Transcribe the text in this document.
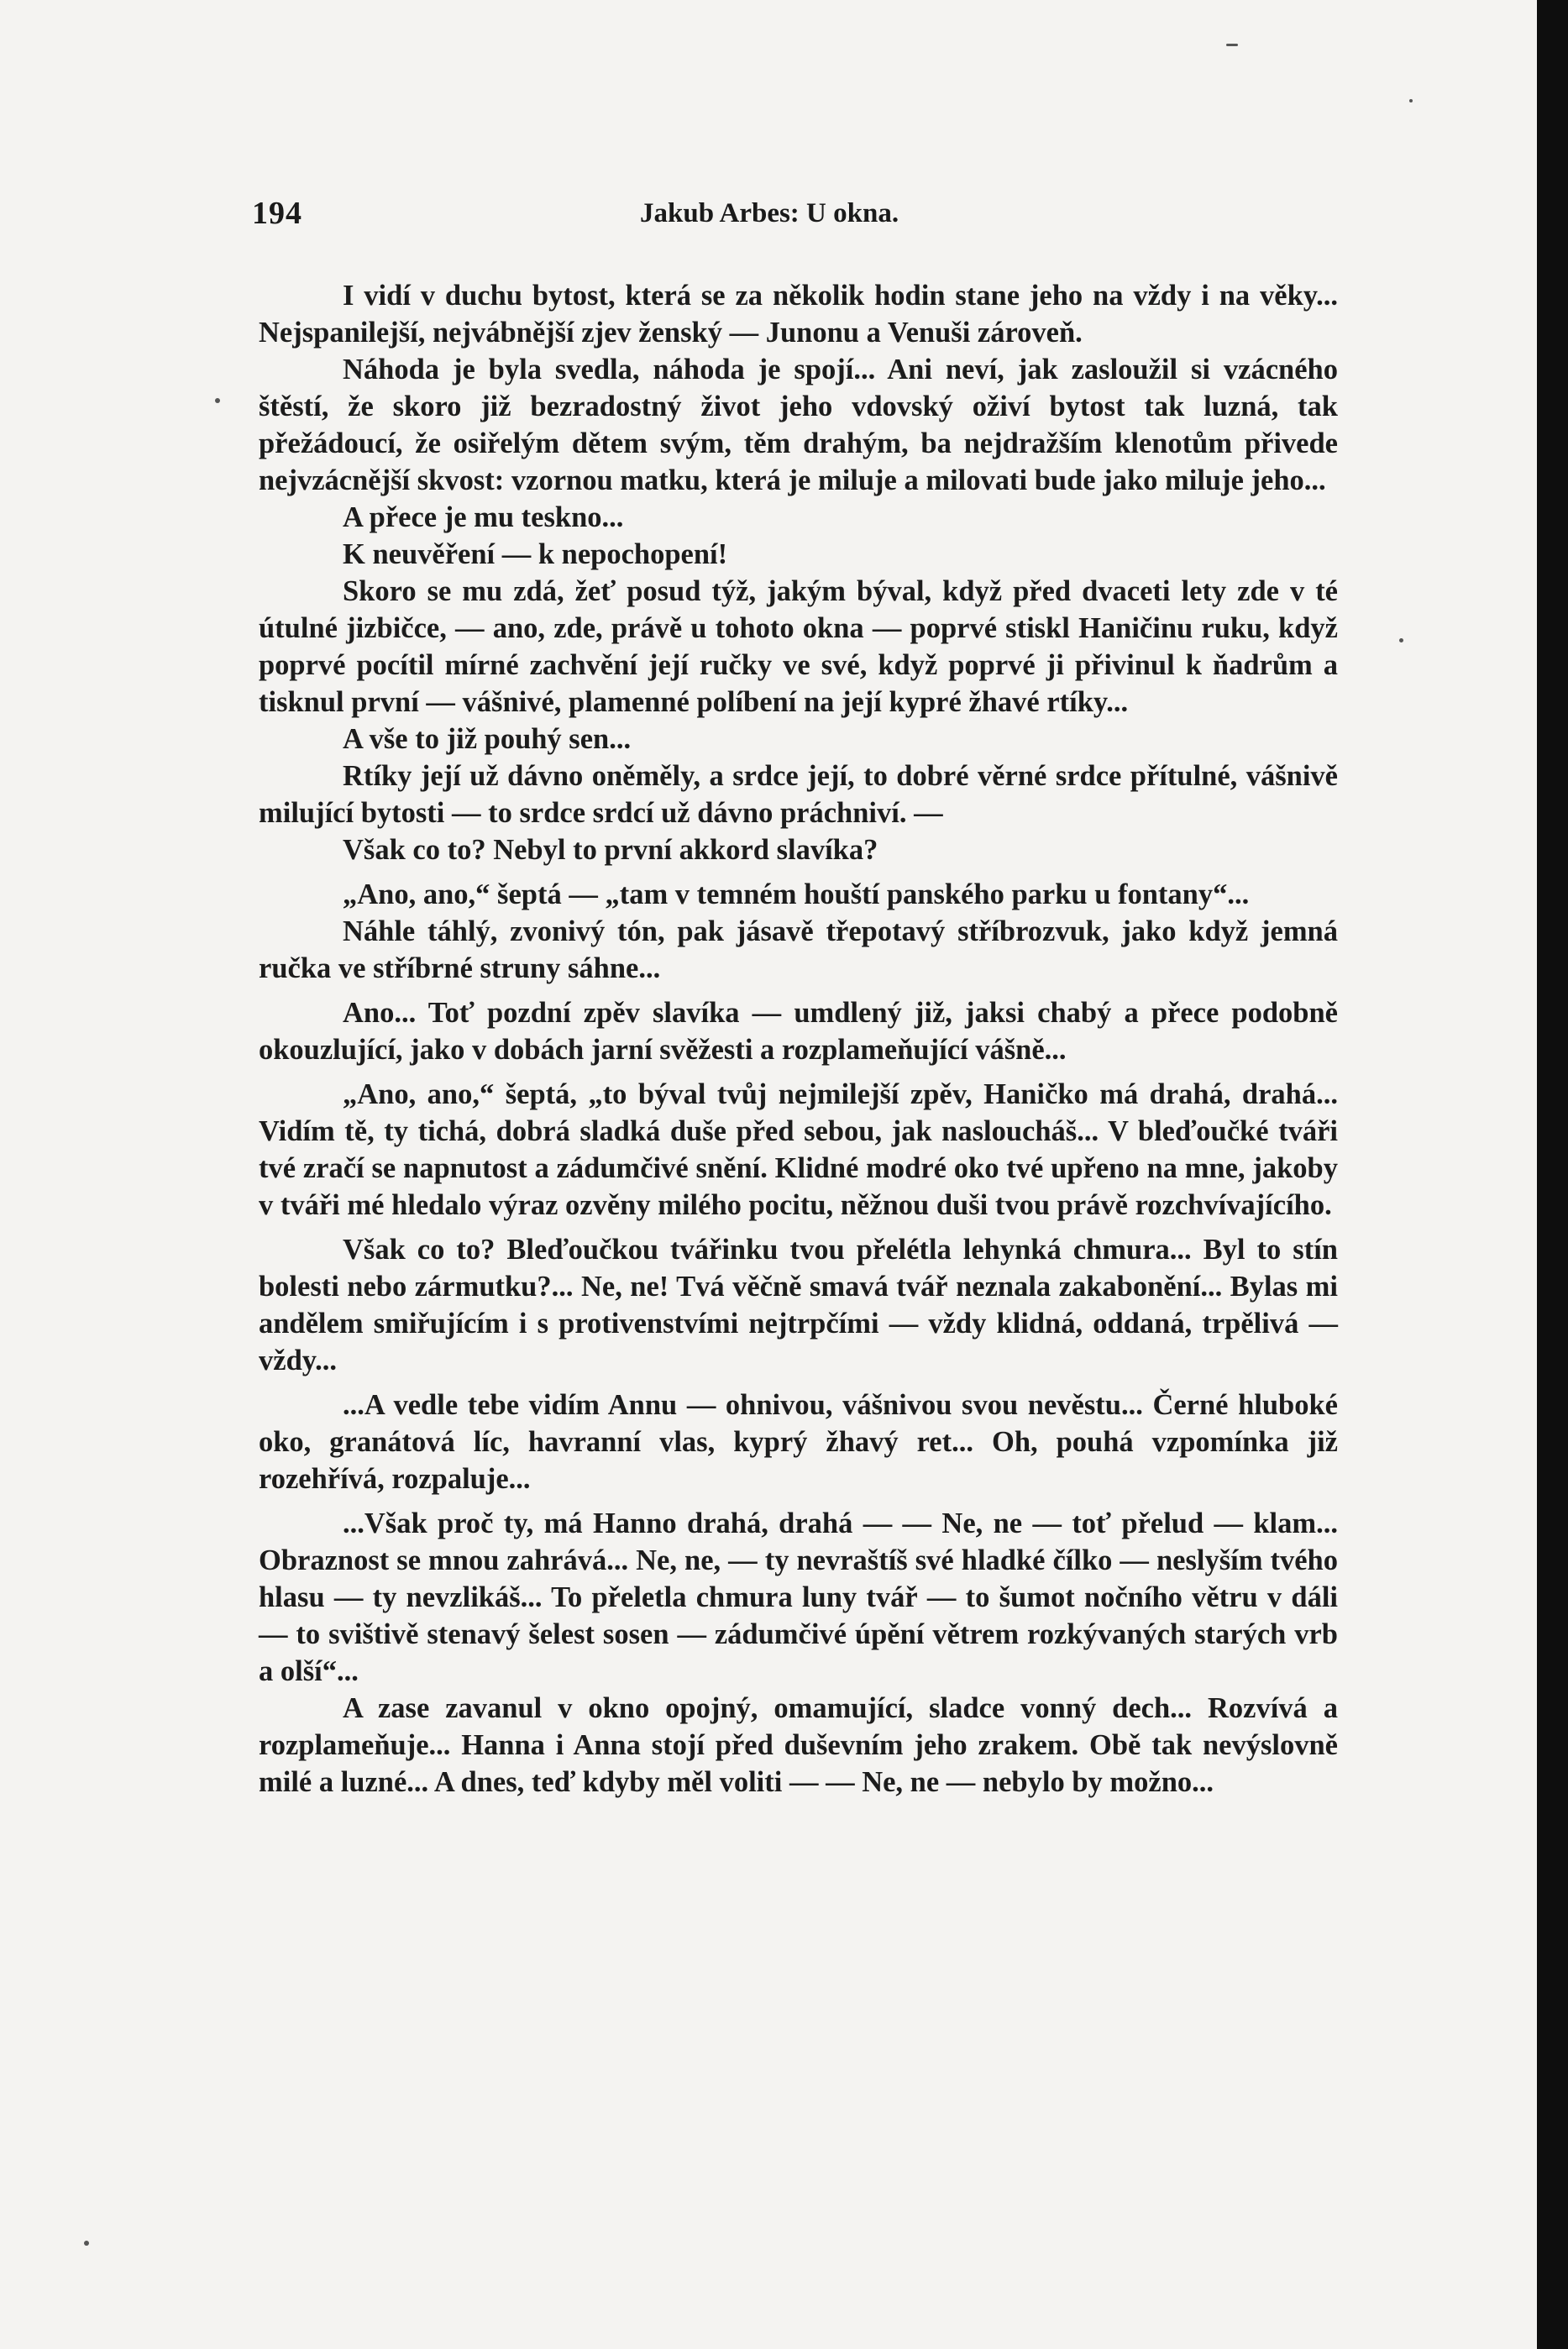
194	Jakub Arbes: U okna.

I vidí v duchu bytost, která se za několik hodin stane jeho na vždy i na věky... Nejspanilejší, nejvábnější zjev ženský — Junonu a Venuši zároveň.

Náhoda je byla svedla, náhoda je spojí... Ani neví, jak zasloužil si vzácného štěstí, že skoro již bezradostný život jeho vdovský oživí bytost tak luzná, tak přežádoucí, že osiřelým dětem svým, těm drahým, ba nejdražším klenotům přivede nejvzácnější skvost: vzornou matku, která je miluje a milovati bude jako miluje jeho...

A přece je mu teskno...

K neuvěření — k nepochopení!

Skoro se mu zdá, žeť posud týž, jakým býval, když před dvaceti lety zde v té útulné jizbičce, — ano, zde, právě u tohoto okna — poprvé stiskl Haničinu ruku, když poprvé pocítil mírné zachvění její ručky ve své, když poprvé ji přivinul k ňadrům a tisknul první — vášnivé, plamenné políbení na její kypré žhavé rtíky...

A vše to již pouhý sen...

Rtíky její už dávno oněměly, a srdce její, to dobré věrné srdce přítulné, vášnivě milující bytosti — to srdce srdcí už dávno práchniví. —

Však co to? Nebyl to první akkord slavíka?

„Ano, ano,“ šeptá — „tam v temném houští panského parku u fontany“...

Náhle táhlý, zvonivý tón, pak jásavě třepotavý stříbrozvuk, jako když jemná ručka ve stříbrné struny sáhne...

Ano... Toť pozdní zpěv slavíka — umdlený již, jaksi chabý a přece podobně okouzlující, jako v dobách jarní svěžesti a rozplameňující vášně...

„Ano, ano,“ šeptá, „to býval tvůj nejmilejší zpěv, Haničko má drahá, drahá... Vidím tě, ty tichá, dobrá sladká duše před sebou, jak nasloucháš... V bleďoučké tváři tvé zračí se napnutost a zádumčivé snění. Klidné modré oko tvé upřeno na mne, jakoby v tváři mé hledalo výraz ozvěny milého pocitu, něžnou duši tvou právě rozchvívajícího.

Však co to? Bleďoučkou tvářinku tvou přelétla lehynká chmura... Byl to stín bolesti nebo zármutku?... Ne, ne! Tvá věčně smavá tvář neznala zakabonění... Bylas mi andělem smiřujícím i s protivenstvími nejtrpčími — vždy klidná, oddaná, trpělivá — vždy...

...A vedle tebe vidím Annu — ohnivou, vášnivou svou nevěstu... Černé hluboké oko, granátová líc, havranní vlas, kyprý žhavý ret... Oh, pouhá vzpomínka již rozehřívá, rozpaluje...

...Však proč ty, má Hanno drahá, drahá — — Ne, ne — toť přelud — klam... Obraznost se mnou zahrává... Ne, ne, — ty nevraštíš své hladké čílko — neslyším tvého hlasu — ty nevzlikáš... To přeletla chmura luny tvář — to šumot nočního větru v dáli — to svištivě stenavý šelest sosen — zádumčivé úpění větrem rozkývaných starých vrb a olší“...

A zase zavanul v okno opojný, omamující, sladce vonný dech... Rozvívá a rozplameňuje... Hanna i Anna stojí před duševním jeho zrakem. Obě tak nevýslovně milé a luzné... A dnes, teď kdyby měl voliti — — Ne, ne — nebylo by možno...
